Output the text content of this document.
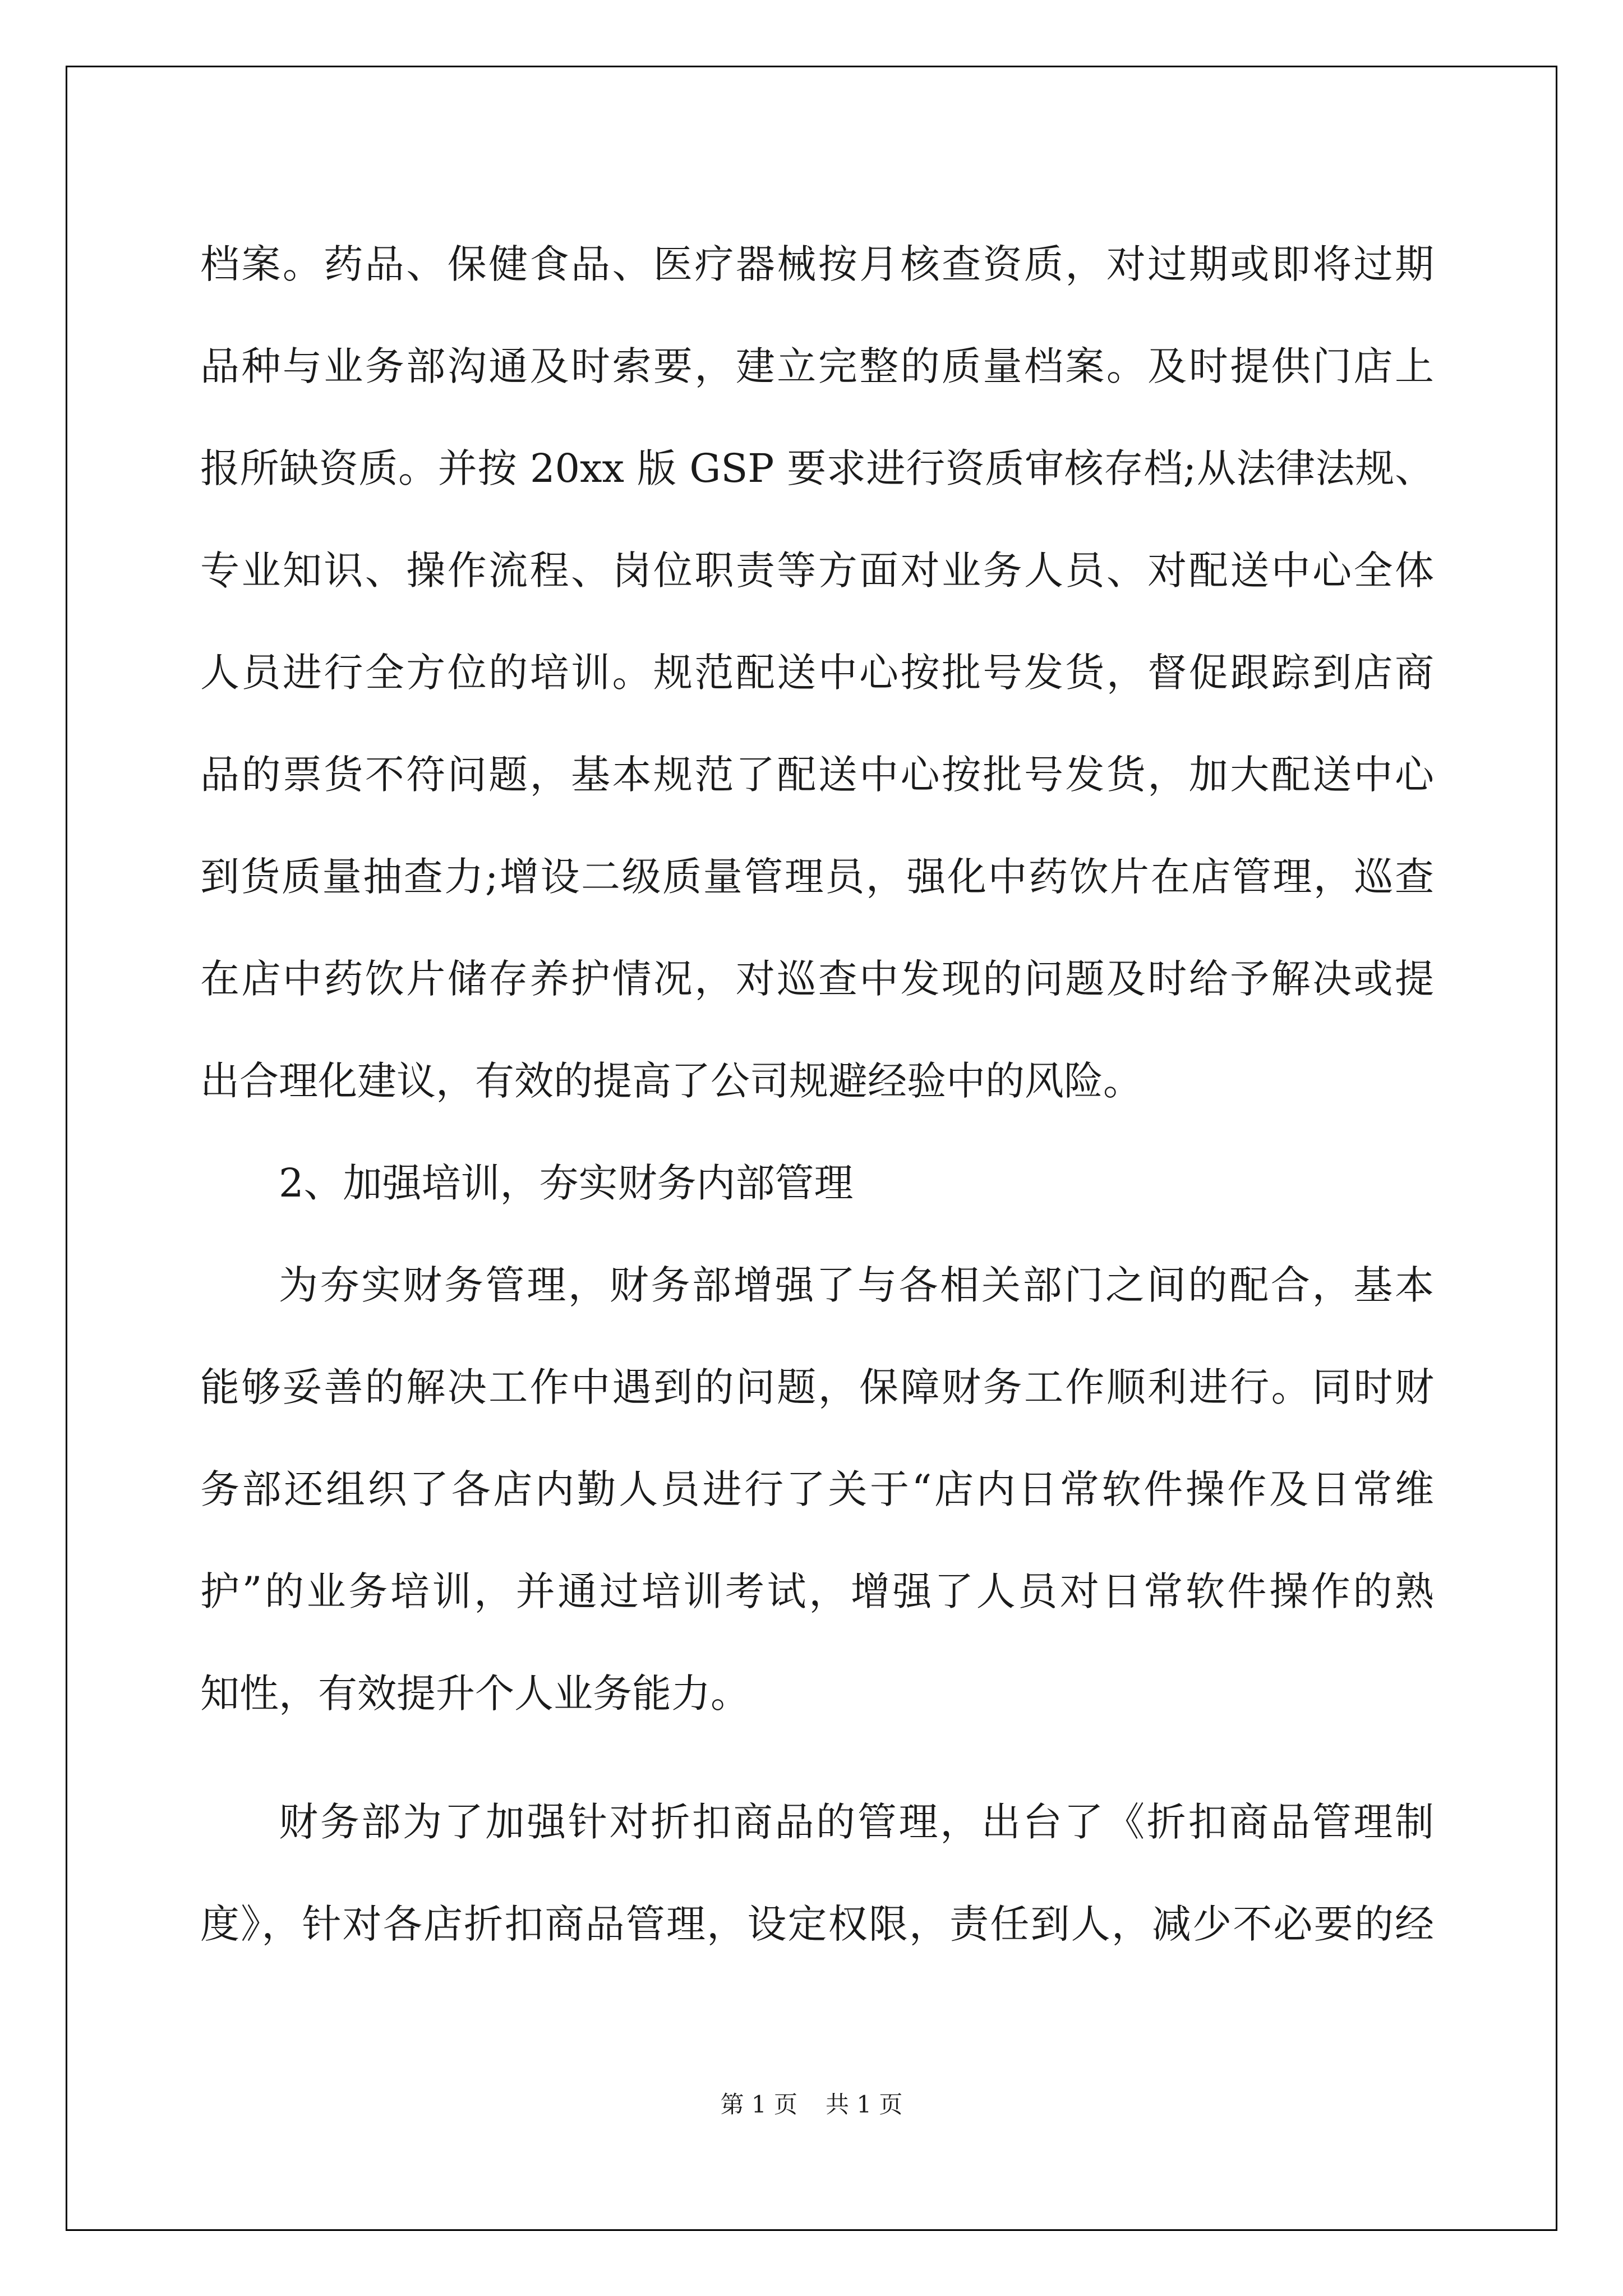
档案。药品、保健食品、医疗器械按月核查资质，对过期或即将过期
品种与业务部沟通及时索要，建立完整的质量档案。及时提供门店上
报所缺资质。并按 20xx 版 GSP 要求进行资质审核存档;从法律法规、
专业知识、操作流程、岗位职责等方面对业务人员、对配送中心全体
人员进行全方位的培训。规范配送中心按批号发货，督促跟踪到店商
品的票货不符问题，基本规范了配送中心按批号发货，加大配送中心
到货质量抽查力;增设二级质量管理员，强化中药饮片在店管理，巡查
在店中药饮片储存养护情况，对巡查中发现的问题及时给予解决或提
出合理化建议，有效的提高了公司规避经验中的风险。
2、加强培训，夯实财务内部管理
为夯实财务管理，财务部增强了与各相关部门之间的配合，基本
能够妥善的解决工作中遇到的问题，保障财务工作顺利进行。同时财
务部还组织了各店内勤人员进行了关于“店内日常软件操作及日常维
护”的业务培训，并通过培训考试，增强了人员对日常软件操作的熟
知性，有效提升个人业务能力。
财务部为了加强针对折扣商品的管理，出台了《折扣商品管理制
度》，针对各店折扣商品管理，设定权限，责任到人，减少不必要的经
第 1 页 共 1 页
